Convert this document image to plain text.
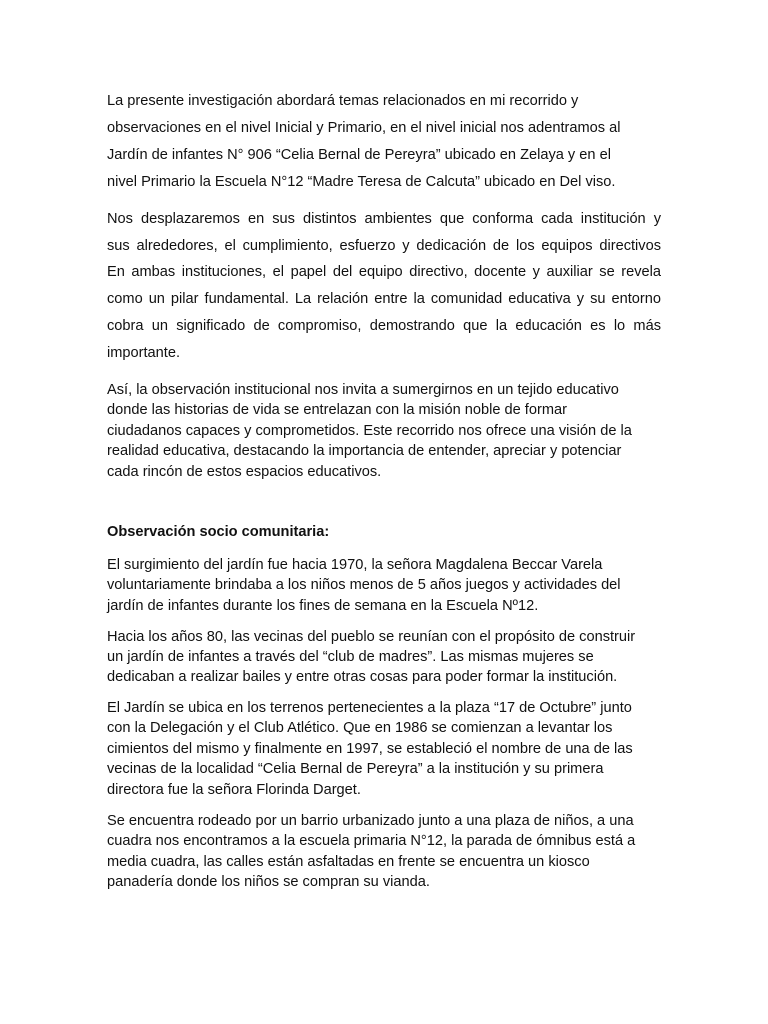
La presente investigación abordará temas relacionados en mi recorrido y
observaciones en el nivel Inicial y Primario, en el nivel inicial nos adentramos al
Jardín de infantes N° 906 “Celia Bernal de Pereyra” ubicado en Zelaya y en el
nivel Primario la Escuela N°12 “Madre Teresa de Calcuta” ubicado en Del viso.
Nos desplazaremos en sus distintos ambientes que conforma cada institución y
sus alrededores, el cumplimiento, esfuerzo y dedicación de los equipos directivos
En ambas instituciones, el papel del equipo directivo, docente y auxiliar se revela
como un pilar fundamental. La relación entre la comunidad educativa y su entorno
cobra un significado de compromiso, demostrando que la educación es lo más
importante.
Así, la observación institucional nos invita a sumergirnos en un tejido educativo
donde las historias de vida se entrelazan con la misión noble de formar
ciudadanos capaces y comprometidos. Este recorrido nos ofrece una visión de la
realidad educativa, destacando la importancia de entender, apreciar y potenciar
cada rincón de estos espacios educativos.
Observación socio comunitaria:
El surgimiento del jardín fue hacia 1970, la señora Magdalena Beccar Varela
voluntariamente brindaba a los niños menos de 5 años juegos y actividades del
jardín de infantes durante los fines de semana en la Escuela Nº12.
Hacia los años 80, las vecinas del pueblo se reunían con el propósito de construir
un jardín de infantes a través del “club de madres”. Las mismas mujeres se
dedicaban a realizar bailes y entre otras cosas para poder formar la institución.
El Jardín se ubica en los terrenos pertenecientes a la plaza “17 de Octubre” junto
con la Delegación y el Club Atlético. Que en 1986 se comienzan a levantar los
cimientos del mismo y finalmente en 1997, se estableció el nombre de una de las
vecinas de la localidad “Celia Bernal de Pereyra” a la institución y su primera
directora fue la señora Florinda Darget.
Se encuentra rodeado por un barrio urbanizado junto a una plaza de niños, a una
cuadra nos encontramos a la escuela primaria N°12, la parada de ómnibus está a
media cuadra, las calles están asfaltadas en frente se encuentra un kiosco
panadería donde los niños se compran su vianda.
